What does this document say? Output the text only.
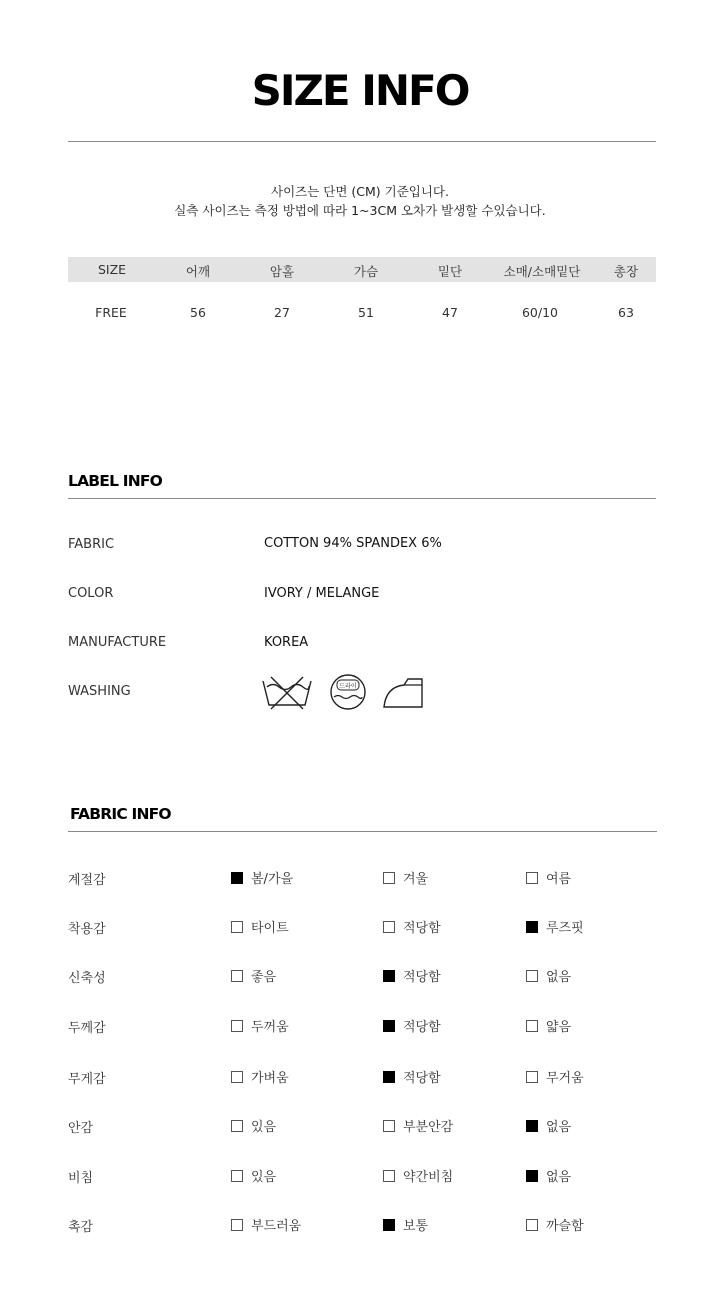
SIZE INFO
사이즈는 단면 (CM) 기준입니다.
실측 사이즈는 측정 방법에 따라 1~3CM 오차가 발생할 수있습니다.
SIZE	어깨	암홀	가슴	밑단	소매/소매밑단	총장
FREE	56	27	51	47	60/10	63
LABEL INFO
FABRIC	COTTON 94% SPANDEX 6%
COLOR	IVORY / MELANGE
MANUFACTURE	KOREA
WASHING	드라이
FABRIC INFO
계절감	봄/가을	겨울	여름
착용감	타이트	적당함	루즈핏
신축성	좋음	적당함	없음
두께감	두꺼움	적당함	얇음
무게감	가벼움	적당함	무거움
안감	있음	부분안감	없음
비침	있음	약간비침	없음
촉감	부드러움	보통	까슬함
